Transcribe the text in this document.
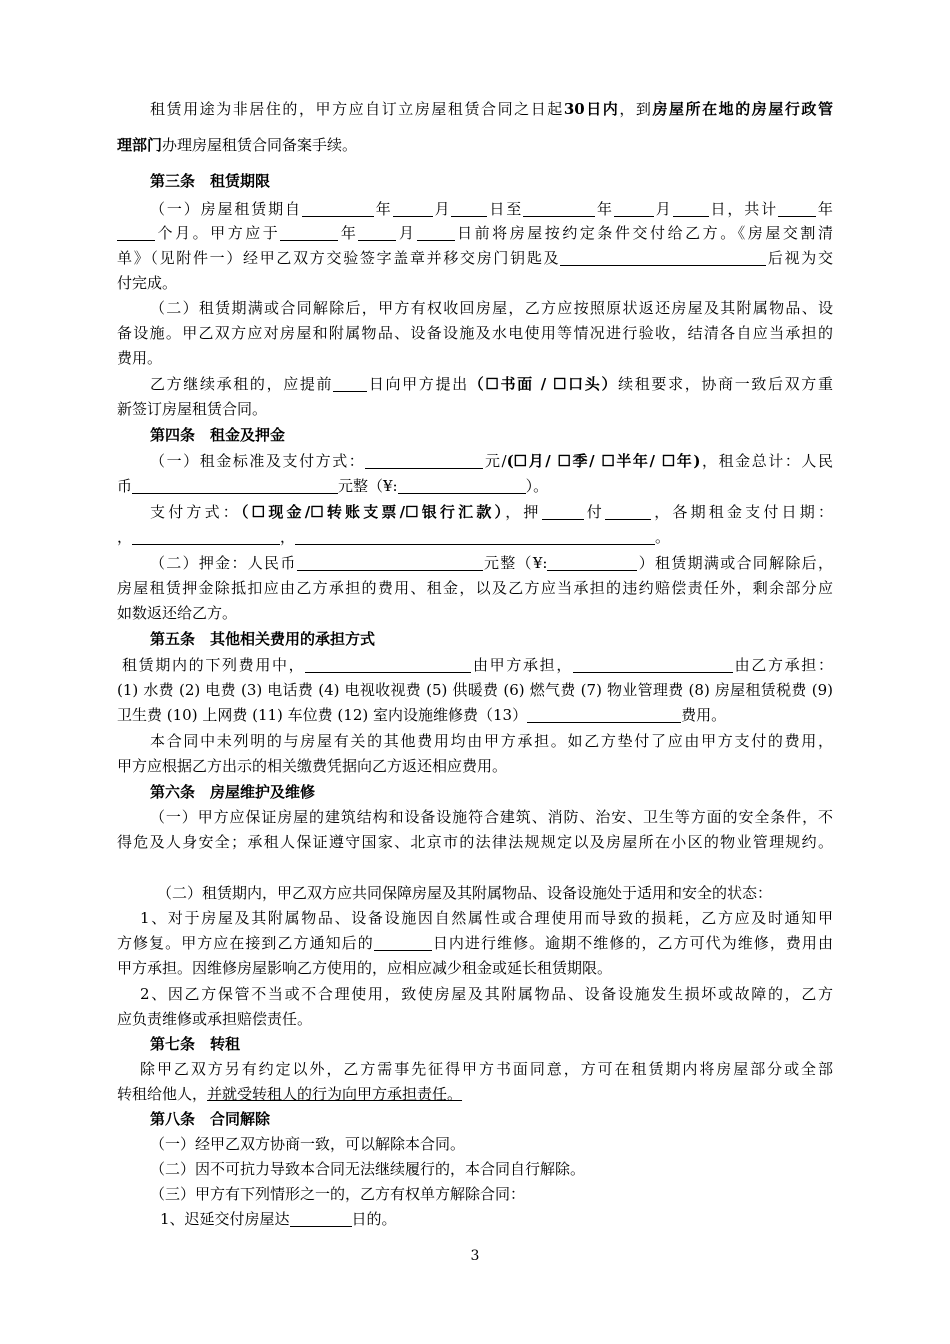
租赁用途为非居住的，甲方应自订立房屋租赁合同之日起30日内，到房屋所在地的房屋行政管
理部门办理房屋租赁合同备案手续。
第三条　租赁期限
（一）房屋租赁期自	年	月 日至	年	月 日，共计	年
个月。甲方应于	年	月	日前将房屋按约定条件交付给乙方。《房屋交割清
单》（见附件一）经甲乙双方交验签字盖章并移交房门钥匙及	后视为交
付完成。
（二）租赁期满或合同解除后，甲方有权收回房屋，乙方应按照原状返还房屋及其附属物品、设
备设施。甲乙双方应对房屋和附属物品、设备设施及水电使用等情况进行验收，结清各自应当承担的
费用。
乙方继续承租的，应提前 日向甲方提出（☐书面 / ☐口头）续租要求，协商一致后双方重
新签订房屋租赁合同。
第四条　租金及押金
（一）租金标准及支付方式：	元/(☐月/ ☐季/ ☐半年/ ☐年)，租金总计：人民
币	元整（¥:	）。
支付方式：（☐现金/☐转账支票/☐银行汇款），押	付	，各期租金支付日期：
，	，	。
（二）押金：人民币	元整（¥:	）租赁期满或合同解除后，
房屋租赁押金除抵扣应由乙方承担的费用、租金，以及乙方应当承担的违约赔偿责任外，剩余部分应
如数返还给乙方。
第五条　其他相关费用的承担方式
租赁期内的下列费用中，	由甲方承担，	由乙方承担：
(1) 水费 (2) 电费 (3) 电话费 (4) 电视收视费 (5) 供暖费 (6) 燃气费 (7) 物业管理费 (8) 房屋租赁税费 (9)
卫生费 (10) 上网费 (11) 车位费 (12) 室内设施维修费（13）	费用。
本合同中未列明的与房屋有关的其他费用均由甲方承担。如乙方垫付了应由甲方支付的费用，
甲方应根据乙方出示的相关缴费凭据向乙方返还相应费用。
第六条　房屋维护及维修
（一）甲方应保证房屋的建筑结构和设备设施符合建筑、消防、治安、卫生等方面的安全条件，不
得危及人身安全；承租人保证遵守国家、北京市的法律法规规定以及房屋所在小区的物业管理规约。
（二）租赁期内，甲乙双方应共同保障房屋及其附属物品、设备设施处于适用和安全的状态：
1、对于房屋及其附属物品、设备设施因自然属性或合理使用而导致的损耗，乙方应及时通知甲
方修复。甲方应在接到乙方通知后的	日内进行维修。逾期不维修的，乙方可代为维修，费用由
甲方承担。因维修房屋影响乙方使用的，应相应减少租金或延长租赁期限。
2、因乙方保管不当或不合理使用，致使房屋及其附属物品、设备设施发生损坏或故障的，乙方
应负责维修或承担赔偿责任。
第七条　转租
除甲乙双方另有约定以外，乙方需事先征得甲方书面同意，方可在租赁期内将房屋部分或全部
转租给他人，并就受转租人的行为向甲方承担责任。
第八条　合同解除
（一）经甲乙双方协商一致，可以解除本合同。
（二）因不可抗力导致本合同无法继续履行的，本合同自行解除。
（三）甲方有下列情形之一的，乙方有权单方解除合同：
1、迟延交付房屋达	日的。
3
